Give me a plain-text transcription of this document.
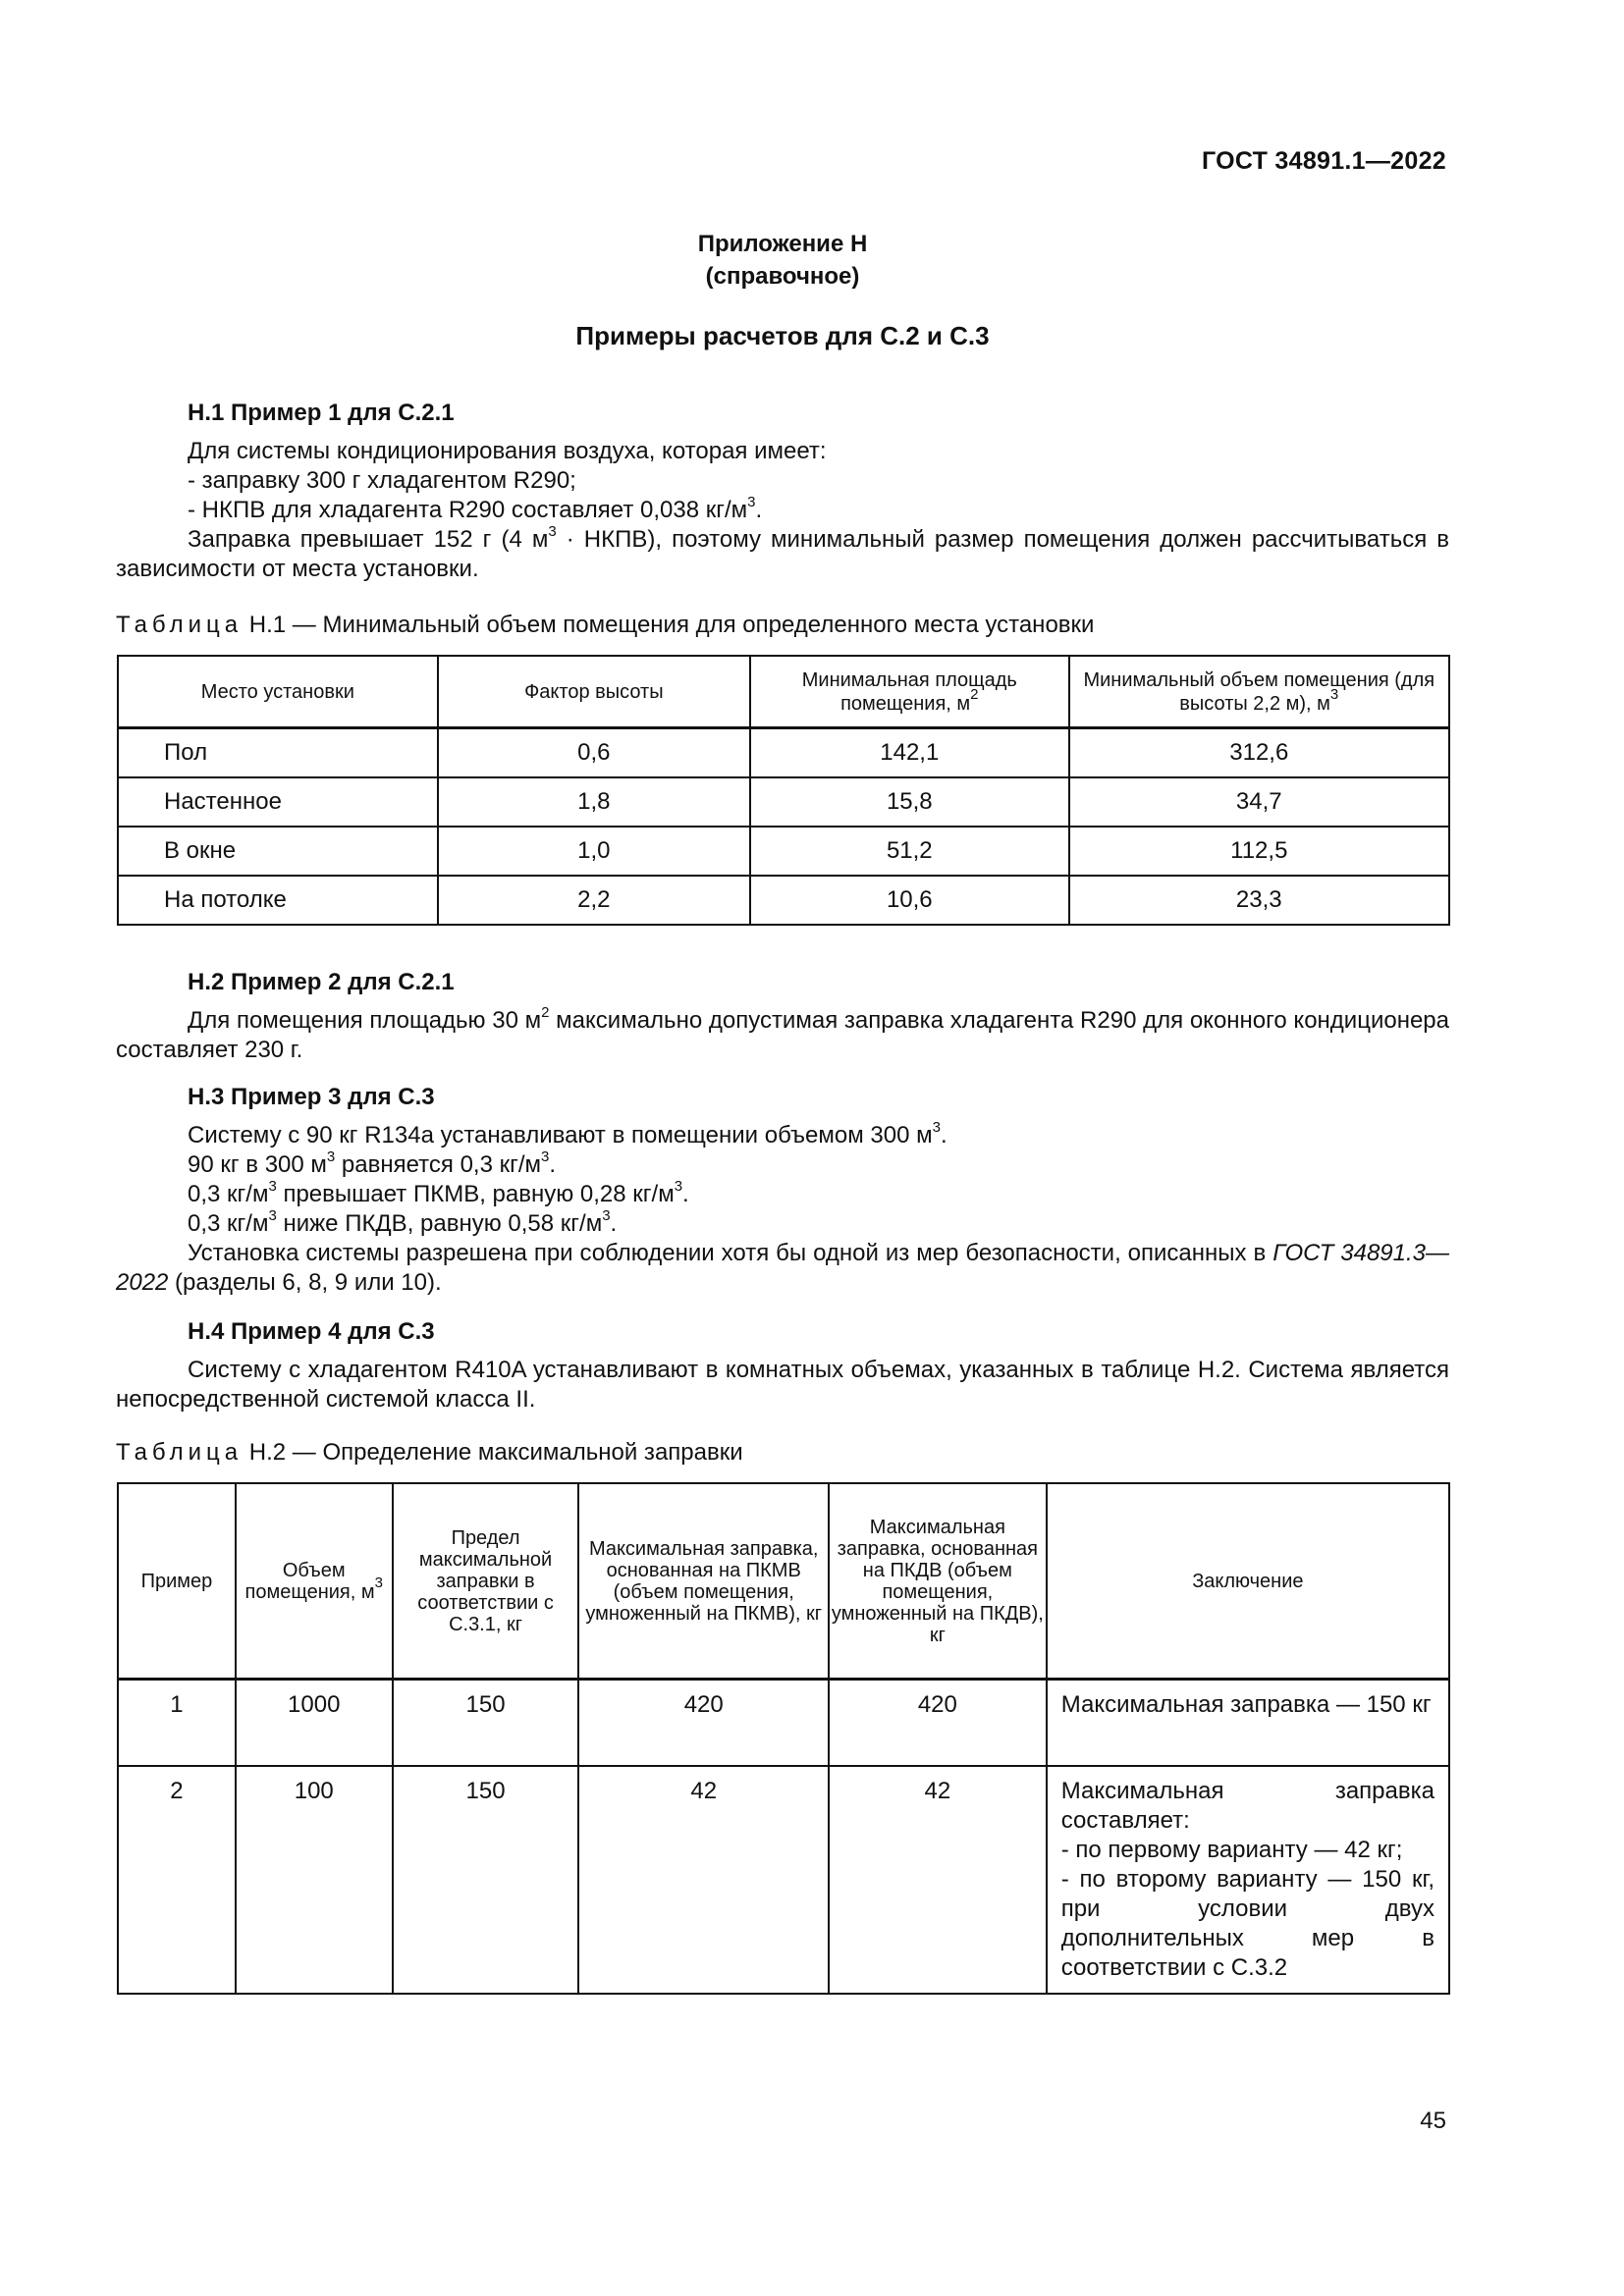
ГОСТ 34891.1—2022
Приложение Н
(справочное)
Примеры расчетов для С.2 и С.3

Н.1 Пример 1 для С.2.1

Для системы кондиционирования воздуха, которая имеет:

- заправку 300 г хладагентом R290;

- НКПВ для хладагента R290 составляет 0,038 $кг/м^3$.

Заправка превышает 152 г (4 $м^3$ · НКПВ), поэтому минимальный размер помещения должен рассчитываться в зависимости от места установки.

Таблица Н.1 — Минимальный объем помещения для определенного места установки
Место установки	Фактор высоты	Минимальная площадь помещения, $м^2$	Минимальный объем помещения (для высоты 2,2 м), $м^3$
Пол	0,6	142,1	312,6
Настенное	1,8	15,8	34,7
В окне	1,0	51,2	112,5
На потолке	2,2	10,6	23,3

Н.2 Пример 2 для С.2.1

Для помещения площадью 30 $м^2$ максимально допустимая заправка хладагента R290 для оконного кондиционера составляет 230 г.

Н.3 Пример 3 для С.3

Систему с 90 кг R134a устанавливают в помещении объемом 300 $м^3$.

90 кг в 300 $м^3$ равняется 0,3 $кг/м^3$.

0,3 $кг/м^3$ превышает ПКМВ, равную 0,28 $кг/м^3$.

0,3 $кг/м^3$ ниже ПКДВ, равную 0,58 $кг/м^3$.

Установка системы разрешена при соблюдении хотя бы одной из мер безопасности, описанных в ГОСТ 34891.3—2022 (разделы 6, 8, 9 или 10).

Н.4 Пример 4 для С.3

Систему с хладагентом R410A устанавливают в комнатных объемах, указанных в таблице Н.2. Система является непосредственной системой класса II.

Таблица Н.2 — Определение максимальной заправки
Пример	Объем помещения, $м^3$	Предел максимальной заправки в соответствии с С.3.1, кг	Максимальная заправка, основанная на ПКМВ (объем помещения, умноженный на ПКМВ), кг	Максимальная заправка, основанная на ПКДВ (объем помещения, умноженный на ПКДВ), кг	Заключение
1	1000	150	420	420	Максимальная заправка — 150 кг

2	100	150	42	42	Максимальная заправка составляет:
- по первому варианту — 42 кг;
- по второму варианту — 150 кг, при условии двух дополнительных мер в соответствии с С.3.2
45
